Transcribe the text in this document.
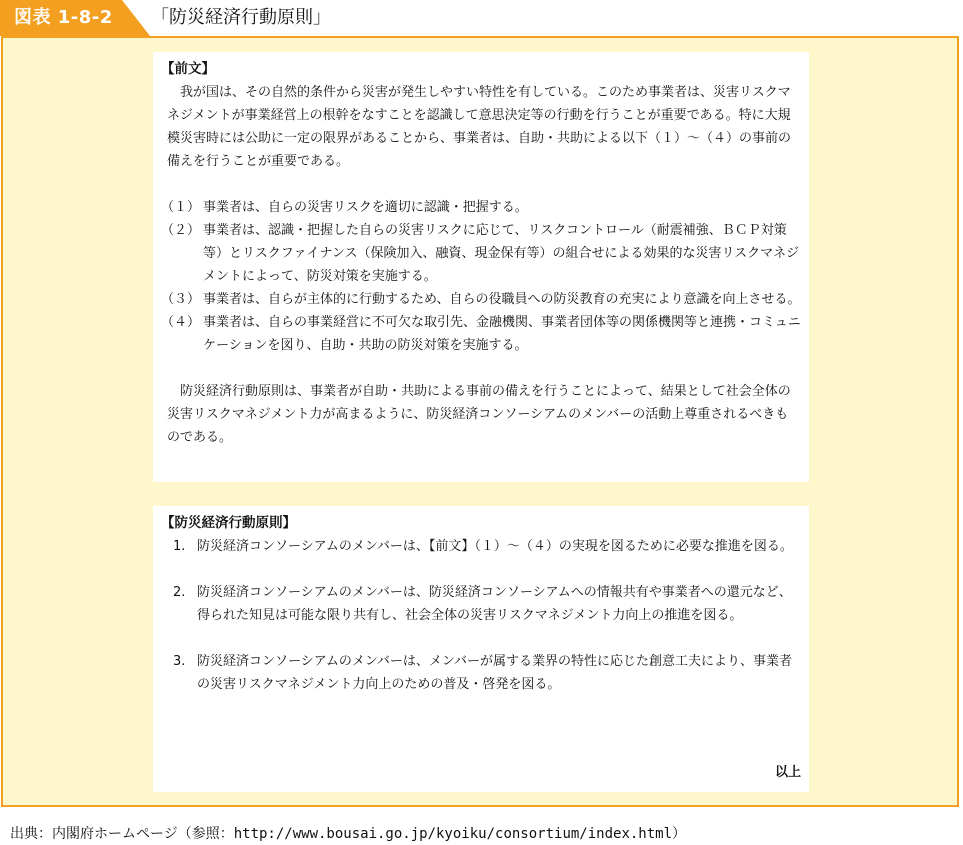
図表 1-8-2 「防災経済行動原則」
【前文】

我が国は、その自然的条件から災害が発生しやすい特性を有している。このため事業者は、災害リスクマネジメントが事業経営上の根幹をなすことを認識して意思決定等の行動を行うことが重要である。特に大規模災害時には公助に一定の限界があることから、事業者は、自助・共助による以下（１）～（４）の事前の備えを行うことが重要である。

（１） 事業者は、自らの災害リスクを適切に認識・把握する。
（２） 事業者は、認識・把握した自らの災害リスクに応じて、リスクコントロール（耐震補強、ＢＣＰ対策等）とリスクファイナンス（保険加入、融資、現金保有等）の組合せによる効果的な災害リスクマネジメントによって、防災対策を実施する。
（３） 事業者は、自らが主体的に行動するため、自らの役職員への防災教育の充実により意識を向上させる。
（４） 事業者は、自らの事業経営に不可欠な取引先、金融機関、事業者団体等の関係機関等と連携・コミュニケーションを図り、自助・共助の防災対策を実施する。

防災経済行動原則は、事業者が自助・共助による事前の備えを行うことによって、結果として社会全体の災害リスクマネジメント力が高まるように、防災経済コンソーシアムのメンバーの活動上尊重されるべきものである。

【防災経済行動原則】
1. 防災経済コンソーシアムのメンバーは、【前文】（１）～（４）の実現を図るために必要な推進を図る。
2. 防災経済コンソーシアムのメンバーは、防災経済コンソーシアムへの情報共有や事業者への還元など、得られた知見は可能な限り共有し、社会全体の災害リスクマネジメント力向上の推進を図る。
3. 防災経済コンソーシアムのメンバーは、メンバーが属する業界の特性に応じた創意工夫により、事業者の災害リスクマネジメント力向上のための普及・啓発を図る。
以上
出典：内閣府ホームページ（参照：http://www.bousai.go.jp/kyoiku/consortium/index.html）
